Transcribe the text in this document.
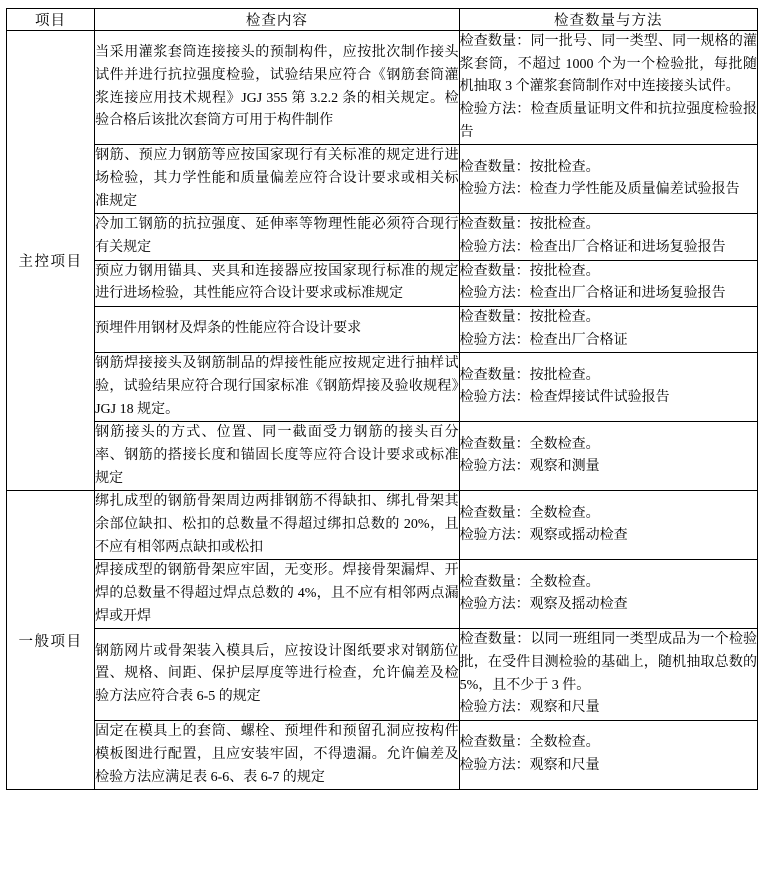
项目	检查内容	检查数量与方法
主控项目	当采用灌浆套筒连接接头的预制构件，应按批次制作接头试件并进行抗拉强度检验，试验结果应符合《钢筋套筒灌浆连接应用技术规程》JGJ 355 第 3.2.2 条的相关规定。检验合格后该批次套筒方可用于构件制作	检查数量：同一批号、同一类型、同一规格的灌浆套筒，不超过 1000 个为一个检验批，每批随机抽取 3 个灌浆套筒制作对中连接接头试件。
检验方法：检查质量证明文件和抗拉强度检验报告

	钢筋、预应力钢筋等应按国家现行有关标准的规定进行进场检验，其力学性能和质量偏差应符合设计要求或相关标准规定	检查数量：按批检查。
检验方法：检查力学性能及质量偏差试验报告

	冷加工钢筋的抗拉强度、延伸率等物理性能必须符合现行有关规定	检查数量：按批检查。
检验方法：检查出厂合格证和进场复验报告

	预应力钢用锚具、夹具和连接器应按国家现行标准的规定进行进场检验，其性能应符合设计要求或标准规定	检查数量：按批检查。
检验方法：检查出厂合格证和进场复验报告

	预埋件用钢材及焊条的性能应符合设计要求	检查数量：按批检查。
检验方法：检查出厂合格证

	钢筋焊接接头及钢筋制品的焊接性能应按规定进行抽样试验，试验结果应符合现行国家标准《钢筋焊接及验收规程》JGJ 18 规定。	检查数量：按批检查。
检验方法：检查焊接试件试验报告

	钢筋接头的方式、位置、同一截面受力钢筋的接头百分率、钢筋的搭接长度和锚固长度等应符合设计要求或标准规定	检查数量：全数检查。
检验方法：观察和测量

一般项目	绑扎成型的钢筋骨架周边两排钢筋不得缺扣、绑扎骨架其余部位缺扣、松扣的总数量不得超过绑扣总数的 20%，且不应有相邻两点缺扣或松扣	检查数量：全数检查。
检验方法：观察或摇动检查

	焊接成型的钢筋骨架应牢固，无变形。焊接骨架漏焊、开焊的总数量不得超过焊点总数的 4%，且不应有相邻两点漏焊或开焊	检查数量：全数检查。
检验方法：观察及摇动检查

	钢筋网片或骨架装入模具后，应按设计图纸要求对钢筋位置、规格、间距、保护层厚度等进行检查，允许偏差及检验方法应符合表 6-5 的规定	检查数量：以同一班组同一类型成品为一个检验批，在受件目测检验的基础上，随机抽取总数的 5%，且不少于 3 件。
检验方法：观察和尺量

	固定在模具上的套筒、螺栓、预埋件和预留孔洞应按构件模板图进行配置，且应安装牢固，不得遗漏。允许偏差及检验方法应满足表 6-6、表 6-7 的规定	检查数量：全数检查。
检验方法：观察和尺量
